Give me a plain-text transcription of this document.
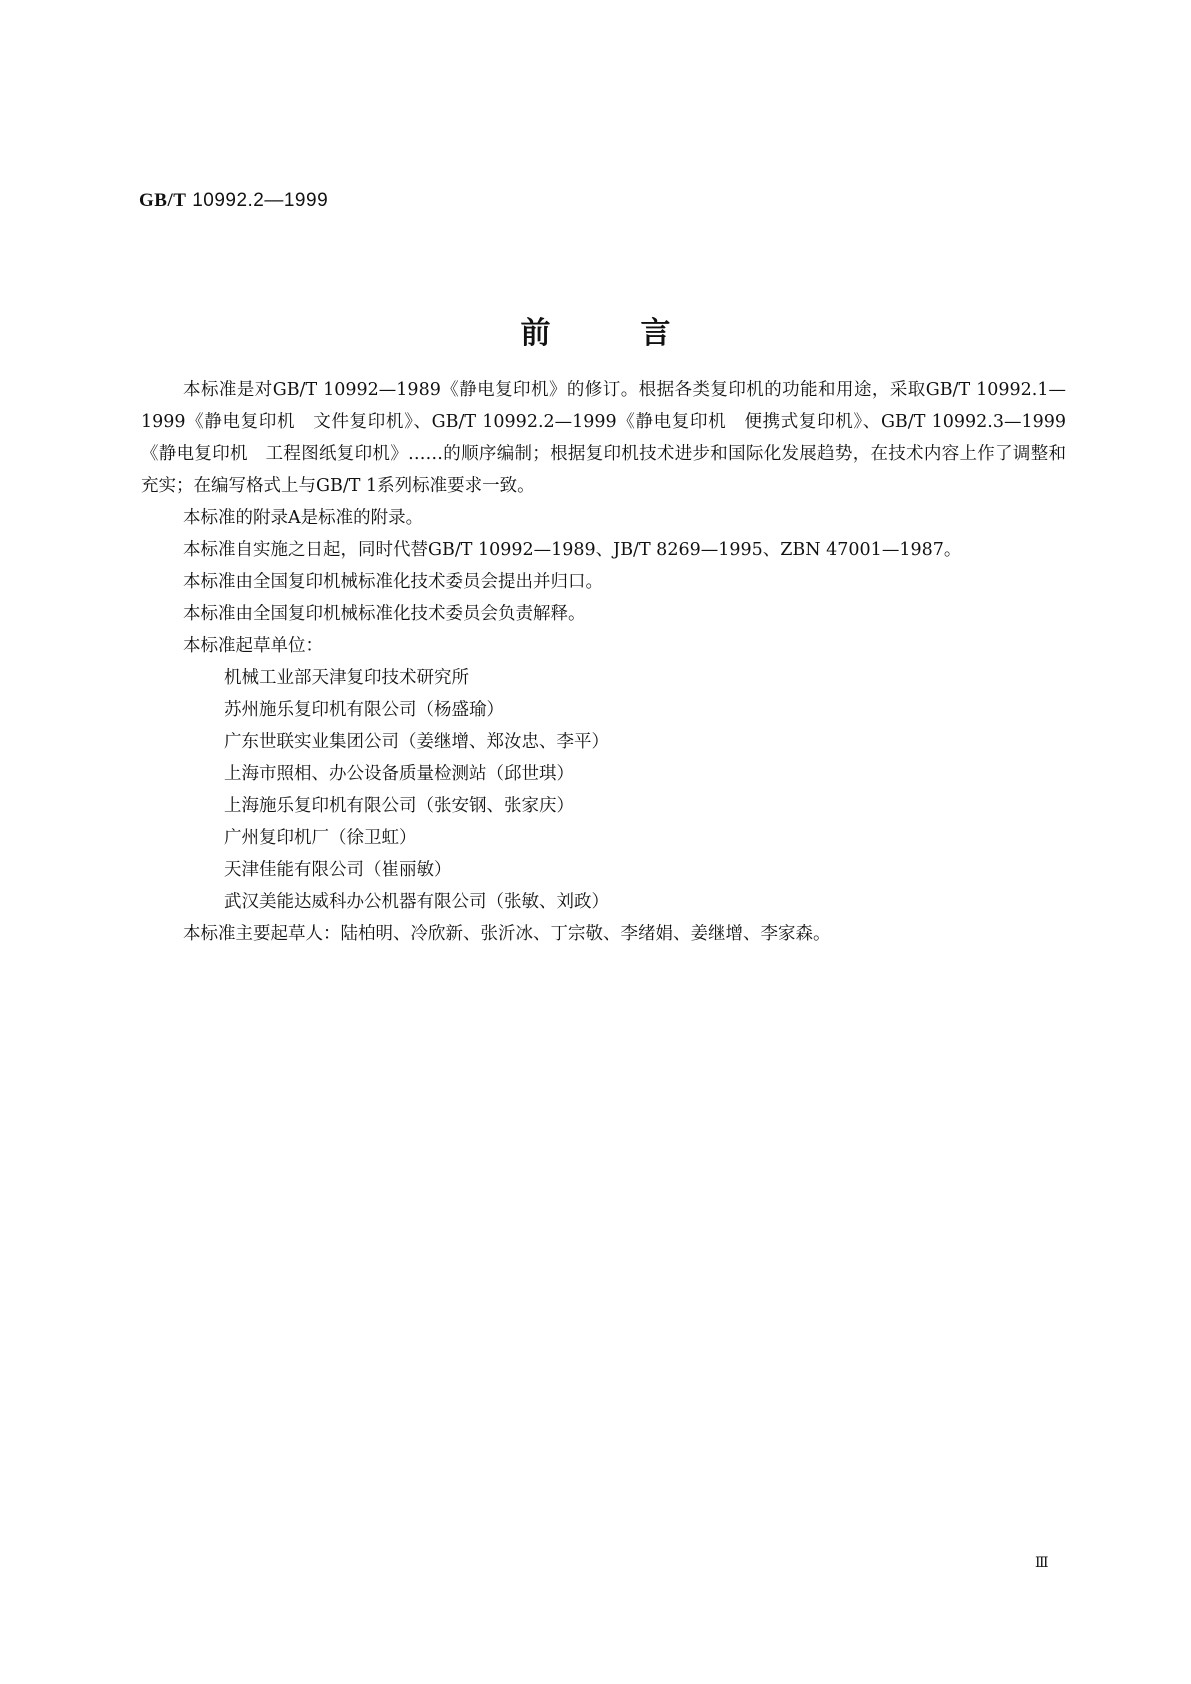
GB/T 10992.2—1999
前言

本标准是对GB/T 10992—1989《静电复印机》的修订。根据各类复印机的功能和用途，采取GB/T 10992.1—1999《静电复印机　文件复印机》、GB/T 10992.2—1999《静电复印机　便携式复印机》、GB/T 10992.3—1999《静电复印机　工程图纸复印机》……的顺序编制；根据复印机技术进步和国际化发展趋势，在技术内容上作了调整和充实；在编写格式上与GB/T 1系列标准要求一致。

本标准的附录A是标准的附录。

本标准自实施之日起，同时代替GB/T 10992—1989、JB/T 8269—1995、ZBN 47001—1987。

本标准由全国复印机械标准化技术委员会提出并归口。

本标准由全国复印机械标准化技术委员会负责解释。

本标准起草单位：

机械工业部天津复印技术研究所

苏州施乐复印机有限公司（杨盛瑜）

广东世联实业集团公司（姜继增、郑汝忠、李平）

上海市照相、办公设备质量检测站（邱世琪）

上海施乐复印机有限公司（张安钢、张家庆）

广州复印机厂（徐卫虹）

天津佳能有限公司（崔丽敏）

武汉美能达威科办公机器有限公司（张敏、刘政）

本标准主要起草人：陆柏明、冷欣新、张沂冰、丁宗敬、李绪娟、姜继增、李家森。

Ⅲ
